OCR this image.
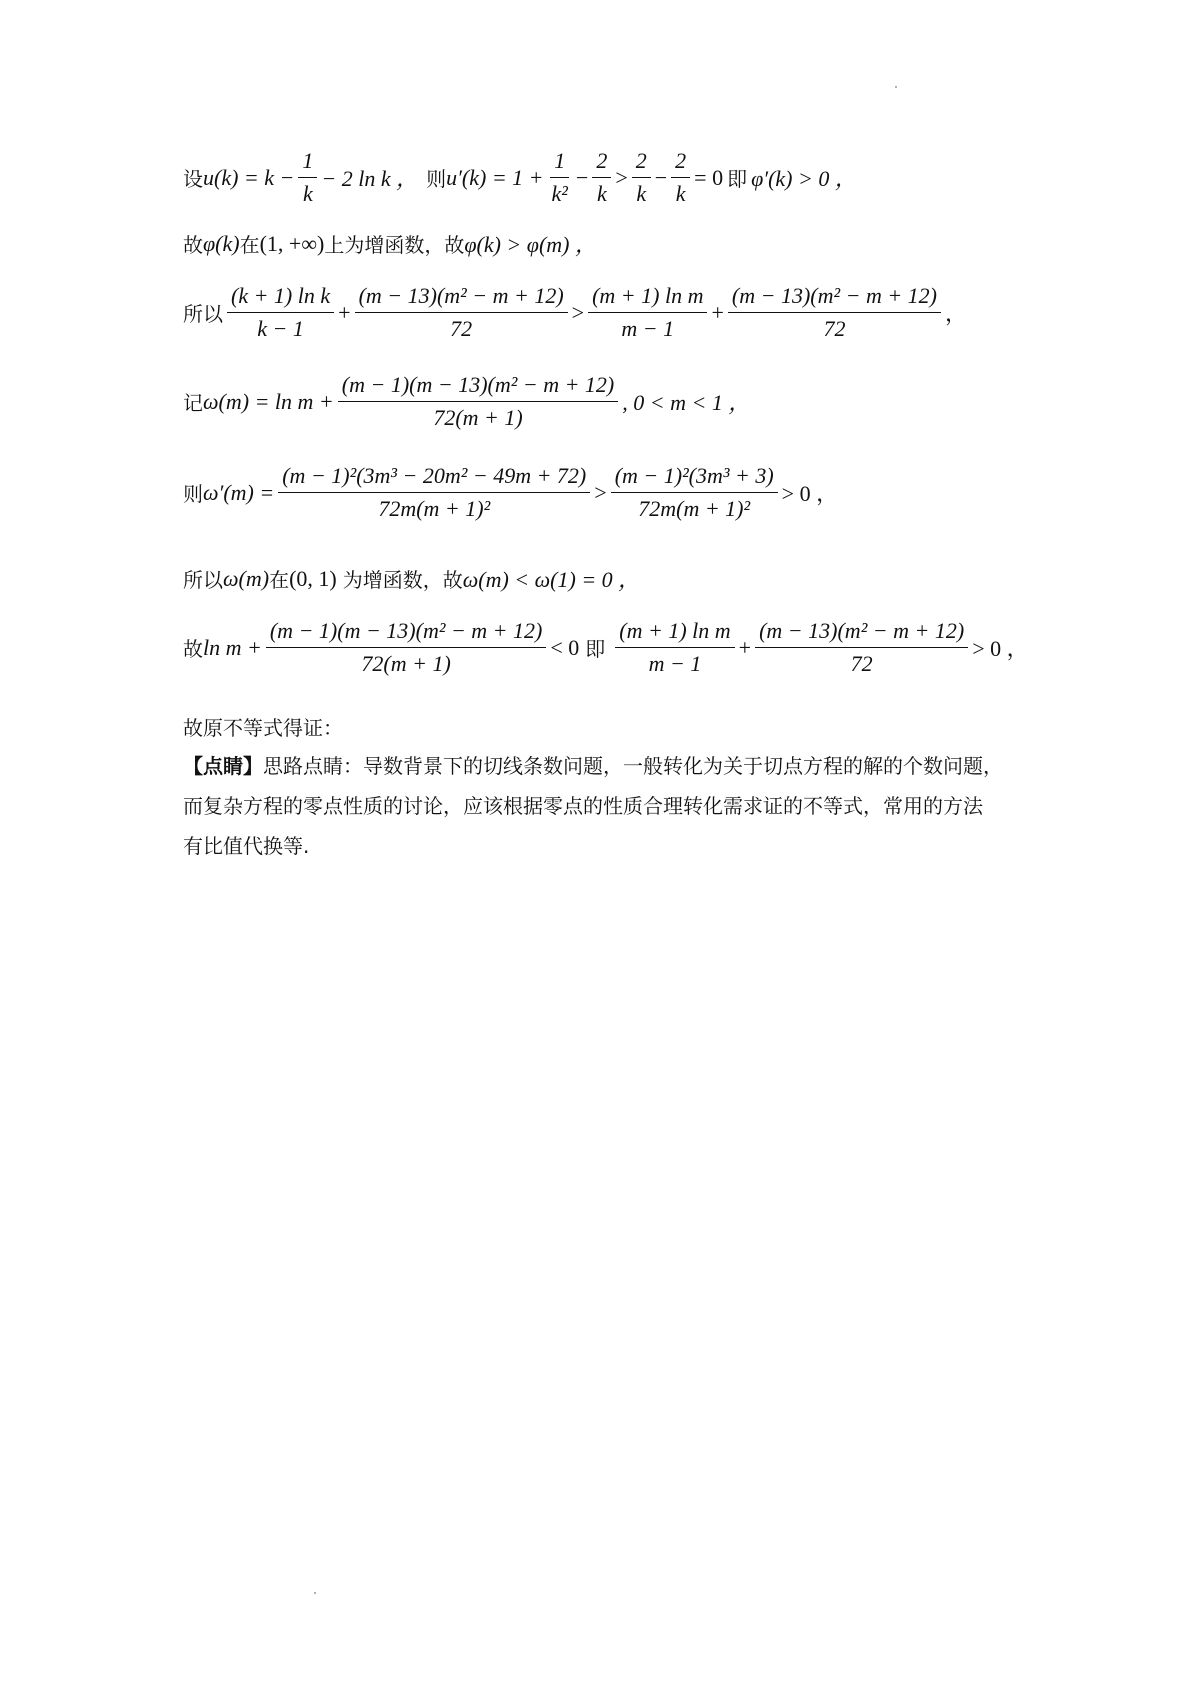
设 $u(k) = k - \frac{1}{k} - 2$ ln k ， 则 $u'(k) = 1 + \frac{1}{\text{k²}} - \frac{2}{k} > \frac{2}{k} - \frac{2}{k} = 0$ 即 φ′(k) > 0 ，
故 φ(k) 在 (1, +∞) 上为增函数，故 φ(k) > φ(m) ，
所以 $\frac{\text{(k + 1) ln k}}{k - 1} + \frac{\text{(m − 13)(m² − m + 12)}}{72} > \frac{\text{(m + 1) ln m}}{m - 1} + \frac{\text{(m − 13)(m² − m + 12)}}{72}$ ，
记 $\omega(m) = \ln m + \frac{\text{(m − 1)(m − 13)(m² − m + 12)}}{72(m + 1)}$ , 0 < m < 1 ，
则 $\omega'(m) = \frac{\text{(m − 1)²(3m³ − 20m² − 49m + 72)}}{\text{72m(m + 1)²}} > \frac{\text{(m − 1)²(3m³ + 3)}}{\text{72m(m + 1)²}} > 0$ ，
所以 ω(m) 在 (0, 1) 为增函数，故 ω(m) < ω(1) = 0 ，
故 $\ln m + \frac{\text{(m − 1)(m − 13)(m² − m + 12)}}{72(m + 1)} < 0$ 即 $\frac{\text{(m + 1) ln m}}{m - 1} + \frac{\text{(m − 13)(m² − m + 12)}}{72} > 0$ ，
故原不等式得证：
【点睛】思路点睛：导数背景下的切线条数问题，一般转化为关于切点方程的解的个数问题，
而复杂方程的零点性质的讨论，应该根据零点的性质合理转化需求证的不等式，常用的方法
有比值代换等.
